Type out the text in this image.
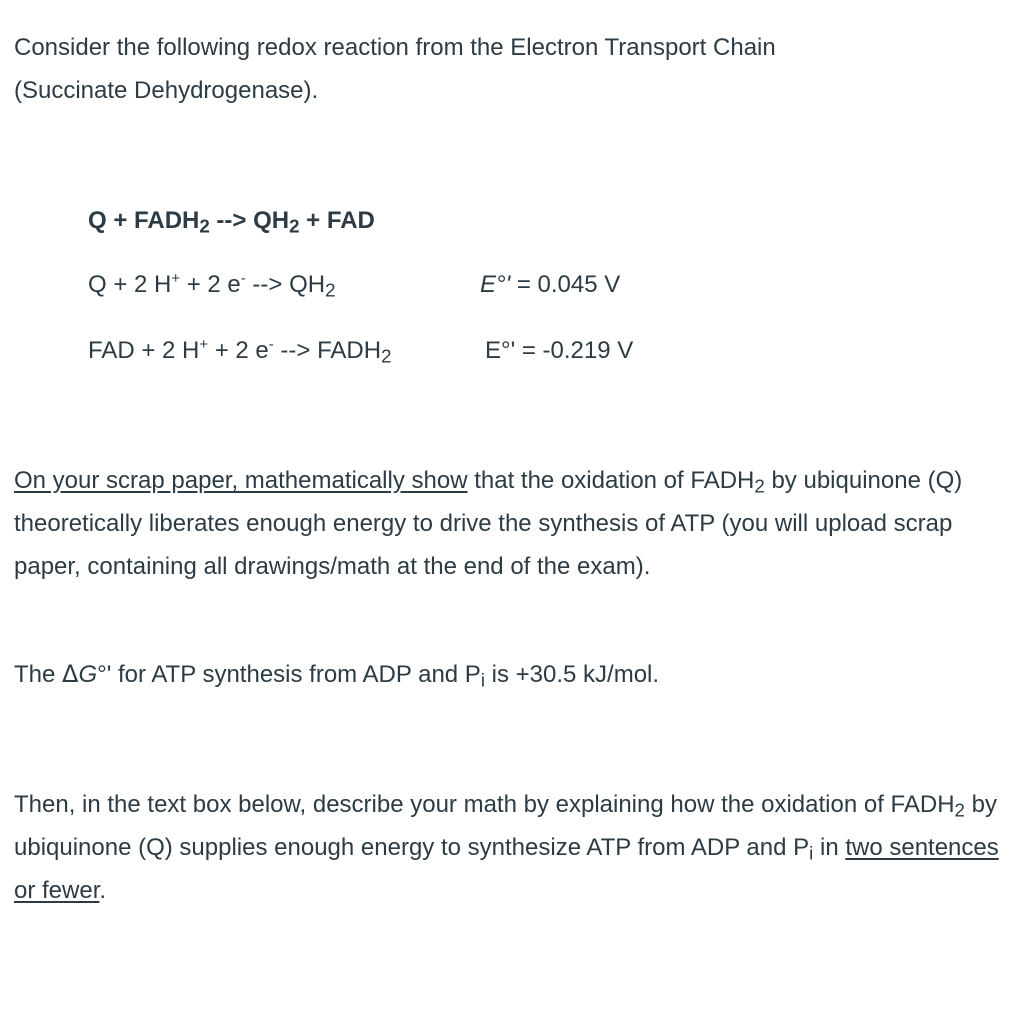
Consider the following redox reaction from the Electron Transport Chain
(Succinate Dehydrogenase).
$Q + FADH_2$ --> $QH_2$ + FAD
Q + 2 H+ + 2 e- --> $QH_2$	E°' = 0.045 V
FAD + 2 H+ + 2 e- --> $FADH_2$	E°' = -0.219 V

On your scrap paper, mathematically show that the oxidation of $FADH_2$ by ubiquinone (Q) theoretically liberates enough energy to drive the synthesis of ATP (you will upload scrap paper, containing all drawings/math at the end of the exam).

The ΔG°' for ATP synthesis from ADP and $P_i$ is +30.5 kJ/mol.

Then, in the text box below, describe your math by explaining how the oxidation of $FADH_2$ by ubiquinone (Q) supplies enough energy to synthesize ATP from ADP and $P_i$ in two sentences or fewer.
